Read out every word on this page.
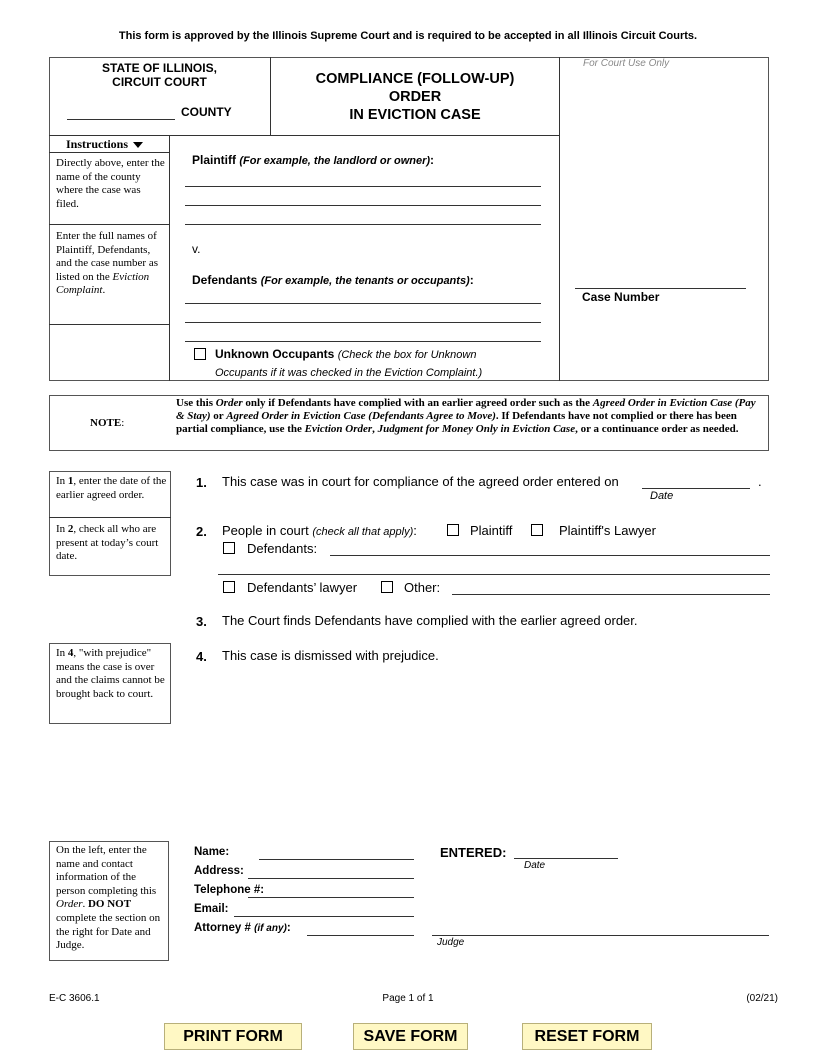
This form is approved by the Illinois Supreme Court and is required to be accepted in all Illinois Circuit Courts.
STATE OF ILLINOIS,
CIRCUIT COURT
COUNTY
COMPLIANCE (FOLLOW-UP)
ORDER
IN EVICTION CASE
For Court Use Only
Instructions
Directly above, enter the name of the county where the case was filed.
Enter the full names of Plaintiff, Defendants, and the case number as listed on the Eviction Complaint.
Plaintiff (For example, the landlord or owner):
v.
Defendants (For example, the tenants or occupants):
Unknown Occupants (Check the box for Unknown
Occupants if it was checked in the Eviction Complaint.)
Case Number
NOTE:
Use this Order only if Defendants have complied with an earlier agreed order such as the Agreed Order in Eviction Case (Pay & Stay) or Agreed Order in Eviction Case (Defendants Agree to Move). If Defendants have not complied or there has been partial compliance, use the Eviction Order, Judgment for Money Only in Eviction Case, or a continuance order as needed.
In 1, enter the date of the earlier agreed order.
In 2, check all who are present at today’s court date.
1. This case was in court for compliance of the agreed order entered on	.
Date
2. People in court (check all that apply):	Plaintiff	Plaintiff's Lawyer
Defendants:
Defendants’ lawyer	Other:
3. The Court finds Defendants have complied with the earlier agreed order.
In 4, "with prejudice" means the case is over and the claims cannot be brought back to court.
4. This case is dismissed with prejudice.
On the left, enter the name and contact information of the person completing this Order. DO NOT complete the section on the right for Date and Judge.
Name:
Address:
Telephone #:
Email:
Attorney # (if any):
ENTERED:
Date
Judge
E-C 3606.1	Page 1 of 1	(02/21)
PRINT FORM	SAVE FORM	RESET FORM
